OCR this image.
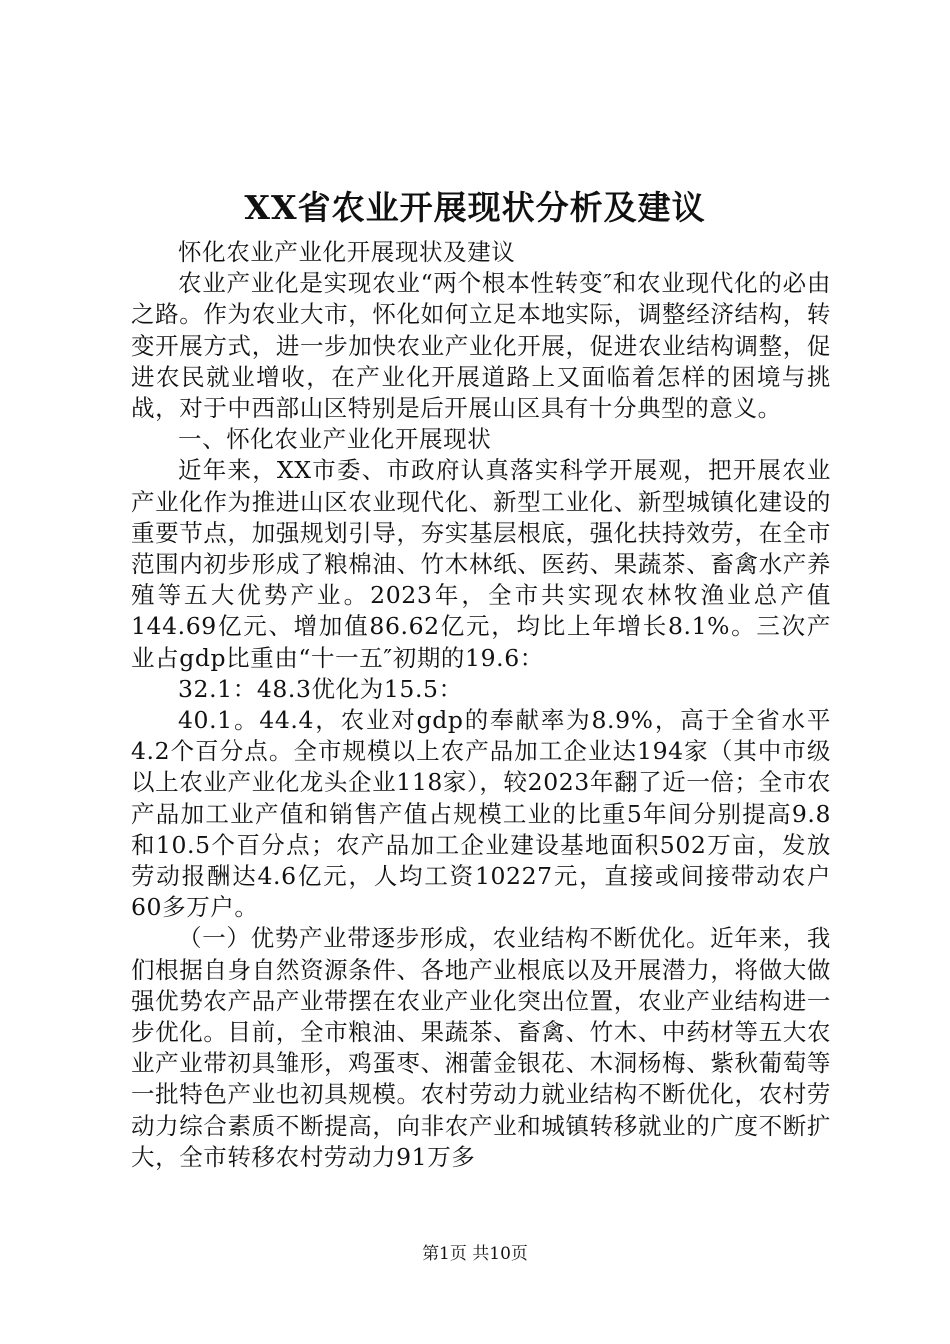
XX省农业开展现状分析及建议

怀化农业产业化开展现状及建议

农业产业化是实现农业“两个根本性转变″和农业现代化的必由之路。作为农业大市，怀化如何立足本地实际，调整经济结构，转变开展方式，进一步加快农业产业化开展，促进农业结构调整，促进农民就业增收，在产业化开展道路上又面临着怎样的困境与挑战，对于中西部山区特别是后开展山区具有十分典型的意义。

一、怀化农业产业化开展现状

近年来，XX市委、市政府认真落实科学开展观，把开展农业产业化作为推进山区农业现代化、新型工业化、新型城镇化建设的重要节点，加强规划引导，夯实基层根底，强化扶持效劳，在全市范围内初步形成了粮棉油、竹木林纸、医药、果蔬茶、畜禽水产养殖等五大优势产业。2023年，全市共实现农林牧渔业总产值144.69亿元、增加值86.62亿元，均比上年增长8.1%。三次产业占gdp比重由“十一五″初期的19.6：

32.1：48.3优化为15.5：

40.1。44.4，农业对gdp的奉献率为8.9%，高于全省水平4.2个百分点。全市规模以上农产品加工企业达194家（其中市级以上农业产业化龙头企业118家），较2023年翻了近一倍；全市农产品加工业产值和销售产值占规模工业的比重5年间分别提高9.8和10.5个百分点；农产品加工企业建设基地面积502万亩，发放劳动报酬达4.6亿元，人均工资10227元，直接或间接带动农户60多万户。

（一）优势产业带逐步形成，农业结构不断优化。近年来，我们根据自身自然资源条件、各地产业根底以及开展潜力，将做大做强优势农产品产业带摆在农业产业化突出位置，农业产业结构进一步优化。目前，全市粮油、果蔬茶、畜禽、竹木、中药材等五大农业产业带初具雏形，鸡蛋枣、湘蕾金银花、木洞杨梅、紫秋葡萄等一批特色产业也初具规模。农村劳动力就业结构不断优化，农村劳动力综合素质不断提高，向非农产业和城镇转移就业的广度不断扩大，全市转移农村劳动力91万多

第1页 共10页
